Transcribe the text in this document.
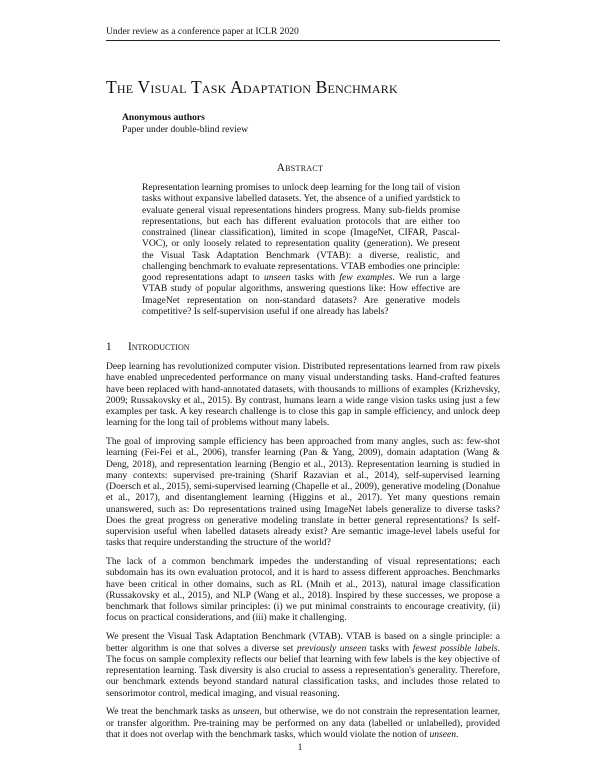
Under review as a conference paper at ICLR 2020
The Visual Task Adaptation Benchmark
Anonymous authors
Paper under double-blind review
Abstract
Representation learning promises to unlock deep learning for the long tail of vision tasks without expansive labelled datasets. Yet, the absence of a unified yardstick to evaluate general visual representations hinders progress. Many sub-fields promise representations, but each has different evaluation protocols that are either too constrained (linear classification), limited in scope (ImageNet, CIFAR, Pascal-VOC), or only loosely related to representation quality (generation). We present the Visual Task Adaptation Benchmark (VTAB): a diverse, realistic, and challenging benchmark to evaluate representations. VTAB embodies one principle: good representations adapt to unseen tasks with few examples. We run a large VTAB study of popular algorithms, answering questions like: How effective are ImageNet representation on non-standard datasets? Are generative models competitive? Is self-supervision useful if one already has labels?
1 Introduction

Deep learning has revolutionized computer vision. Distributed representations learned from raw pixels have enabled unprecedented performance on many visual understanding tasks. Hand-crafted features have been replaced with hand-annotated datasets, with thousands to millions of examples (Krizhevsky, 2009; Russakovsky et al., 2015). By contrast, humans learn a wide range vision tasks using just a few examples per task. A key research challenge is to close this gap in sample efficiency, and unlock deep learning for the long tail of problems without many labels.

The goal of improving sample efficiency has been approached from many angles, such as: few-shot learning (Fei-Fei et al., 2006), transfer learning (Pan & Yang, 2009), domain adaptation (Wang & Deng, 2018), and representation learning (Bengio et al., 2013). Representation learning is studied in many contexts: supervised pre-training (Sharif Razavian et al., 2014), self-supervised learning (Doersch et al., 2015), semi-supervised learning (Chapelle et al., 2009), generative modeling (Donahue et al., 2017), and disentanglement learning (Higgins et al., 2017). Yet many questions remain unanswered, such as: Do representations trained using ImageNet labels generalize to diverse tasks? Does the great progress on generative modeling translate in better general representations? Is self-supervision useful when labelled datasets already exist? Are semantic image-level labels useful for tasks that require understanding the structure of the world?

The lack of a common benchmark impedes the understanding of visual representations; each subdomain has its own evaluation protocol, and it is hard to assess different approaches. Benchmarks have been critical in other domains, such as RL (Mnih et al., 2013), natural image classification (Russakovsky et al., 2015), and NLP (Wang et al., 2018). Inspired by these successes, we propose a benchmark that follows similar principles: (i) we put minimal constraints to encourage creativity, (ii) focus on practical considerations, and (iii) make it challenging.

We present the Visual Task Adaptation Benchmark (VTAB). VTAB is based on a single principle: a better algorithm is one that solves a diverse set previously unseen tasks with fewest possible labels. The focus on sample complexity reflects our belief that learning with few labels is the key objective of representation learning. Task diversity is also crucial to assess a representation's generality. Therefore, our benchmark extends beyond standard natural classification tasks, and includes those related to sensorimotor control, medical imaging, and visual reasoning.

We treat the benchmark tasks as unseen, but otherwise, we do not constrain the representation learner, or transfer algorithm. Pre-training may be performed on any data (labelled or unlabelled), provided that it does not overlap with the benchmark tasks, which would violate the notion of unseen.

1
